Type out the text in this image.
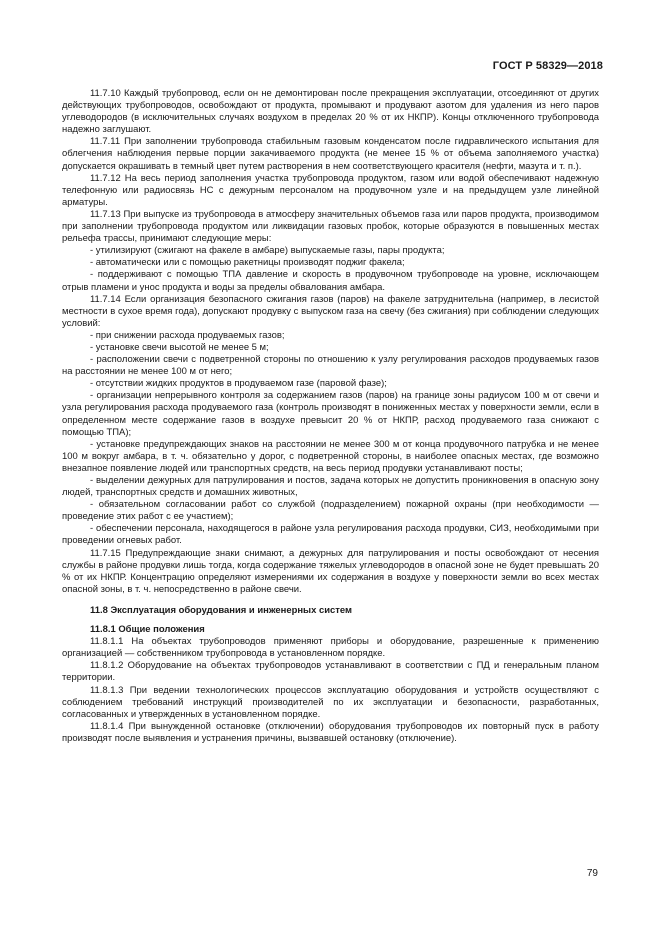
ГОСТ Р 58329—2018

11.7.10 Каждый трубопровод, если он не демонтирован после прекращения эксплуатации, отсоединяют от других действующих трубопроводов, освобождают от продукта, промывают и продувают азотом для удаления из него паров углеводородов (в исключительных случаях воздухом в пределах 20 % от их НКПР). Концы отключенного трубопровода надежно заглушают.

11.7.11 При заполнении трубопровода стабильным газовым конденсатом после гидравлического испытания для облегчения наблюдения первые порции закачиваемого продукта (не менее 15 % от объема заполняемого участка) допускается окрашивать в темный цвет путем растворения в нем соответствующего красителя (нефти, мазута и т. п.).

11.7.12 На весь период заполнения участка трубопровода продуктом, газом или водой обеспечивают надежную телефонную или радиосвязь НС с дежурным персоналом на продувочном узле и на предыдущем узле линейной арматуры.

11.7.13 При выпуске из трубопровода в атмосферу значительных объемов газа или паров продукта, производимом при заполнении трубопровода продуктом или ликвидации газовых пробок, которые образуются в повышенных местах рельефа трассы, принимают следующие меры:

- утилизируют (сжигают на факеле в амбаре) выпускаемые газы, пары продукта;

- автоматически или с помощью ракетницы производят поджиг факела;

- поддерживают с помощью ТПА давление и скорость в продувочном трубопроводе на уровне, исключающем отрыв пламени и унос продукта и воды за пределы обвалования амбара.

11.7.14 Если организация безопасного сжигания газов (паров) на факеле затруднительна (например, в лесистой местности в сухое время года), допускают продувку с выпуском газа на свечу (без сжигания) при соблюдении следующих условий:

- при снижении расхода продуваемых газов;

- установке свечи высотой не менее 5 м;

- расположении свечи с подветренной стороны по отношению к узлу регулирования расходов продуваемых газов на расстоянии не менее 100 м от него;

- отсутствии жидких продуктов в продуваемом газе (паровой фазе);

- организации непрерывного контроля за содержанием газов (паров) на границе зоны радиусом 100 м от свечи и узла регулирования расхода продуваемого газа (контроль производят в пониженных местах у поверхности земли, если в определенном месте содержание газов в воздухе превысит 20 % от НКПР, расход продуваемого газа снижают с помощью ТПА);

- установке предупреждающих знаков на расстоянии не менее 300 м от конца продувочного патрубка и не менее 100 м вокруг амбара, в т. ч. обязательно у дорог, с подветренной стороны, в наиболее опасных местах, где возможно внезапное появление людей или транспортных средств, на весь период продувки устанавливают посты;

- выделении дежурных для патрулирования и постов, задача которых не допустить проникновения в опасную зону людей, транспортных средств и домашних животных,

- обязательном согласовании работ со службой (подразделением) пожарной охраны (при необходимости — проведение этих работ с ее участием);

- обеспечении персонала, находящегося в районе узла регулирования расхода продувки, СИЗ, необходимыми при проведении огневых работ.

11.7.15 Предупреждающие знаки снимают, а дежурных для патрулирования и посты освобождают от несения службы в районе продувки лишь тогда, когда содержание тяжелых углеводородов в опасной зоне не будет превышать 20 % от их НКПР. Концентрацию определяют измерениями их содержания в воздухе у поверхности земли во всех местах опасной зоны, в т. ч. непосредственно в районе свечи.

11.8 Эксплуатация оборудования и инженерных систем

11.8.1 Общие положения

11.8.1.1 На объектах трубопроводов применяют приборы и оборудование, разрешенные к применению организацией — собственником трубопровода в установленном порядке.

11.8.1.2 Оборудование на объектах трубопроводов устанавливают в соответствии с ПД и генеральным планом территории.

11.8.1.3 При ведении технологических процессов эксплуатацию оборудования и устройств осуществляют с соблюдением требований инструкций производителей по их эксплуатации и безопасности, разработанных, согласованных и утвержденных в установленном порядке.

11.8.1.4 При вынужденной остановке (отключении) оборудования трубопроводов их повторный пуск в работу производят после выявления и устранения причины, вызвавшей остановку (отключение).

79
